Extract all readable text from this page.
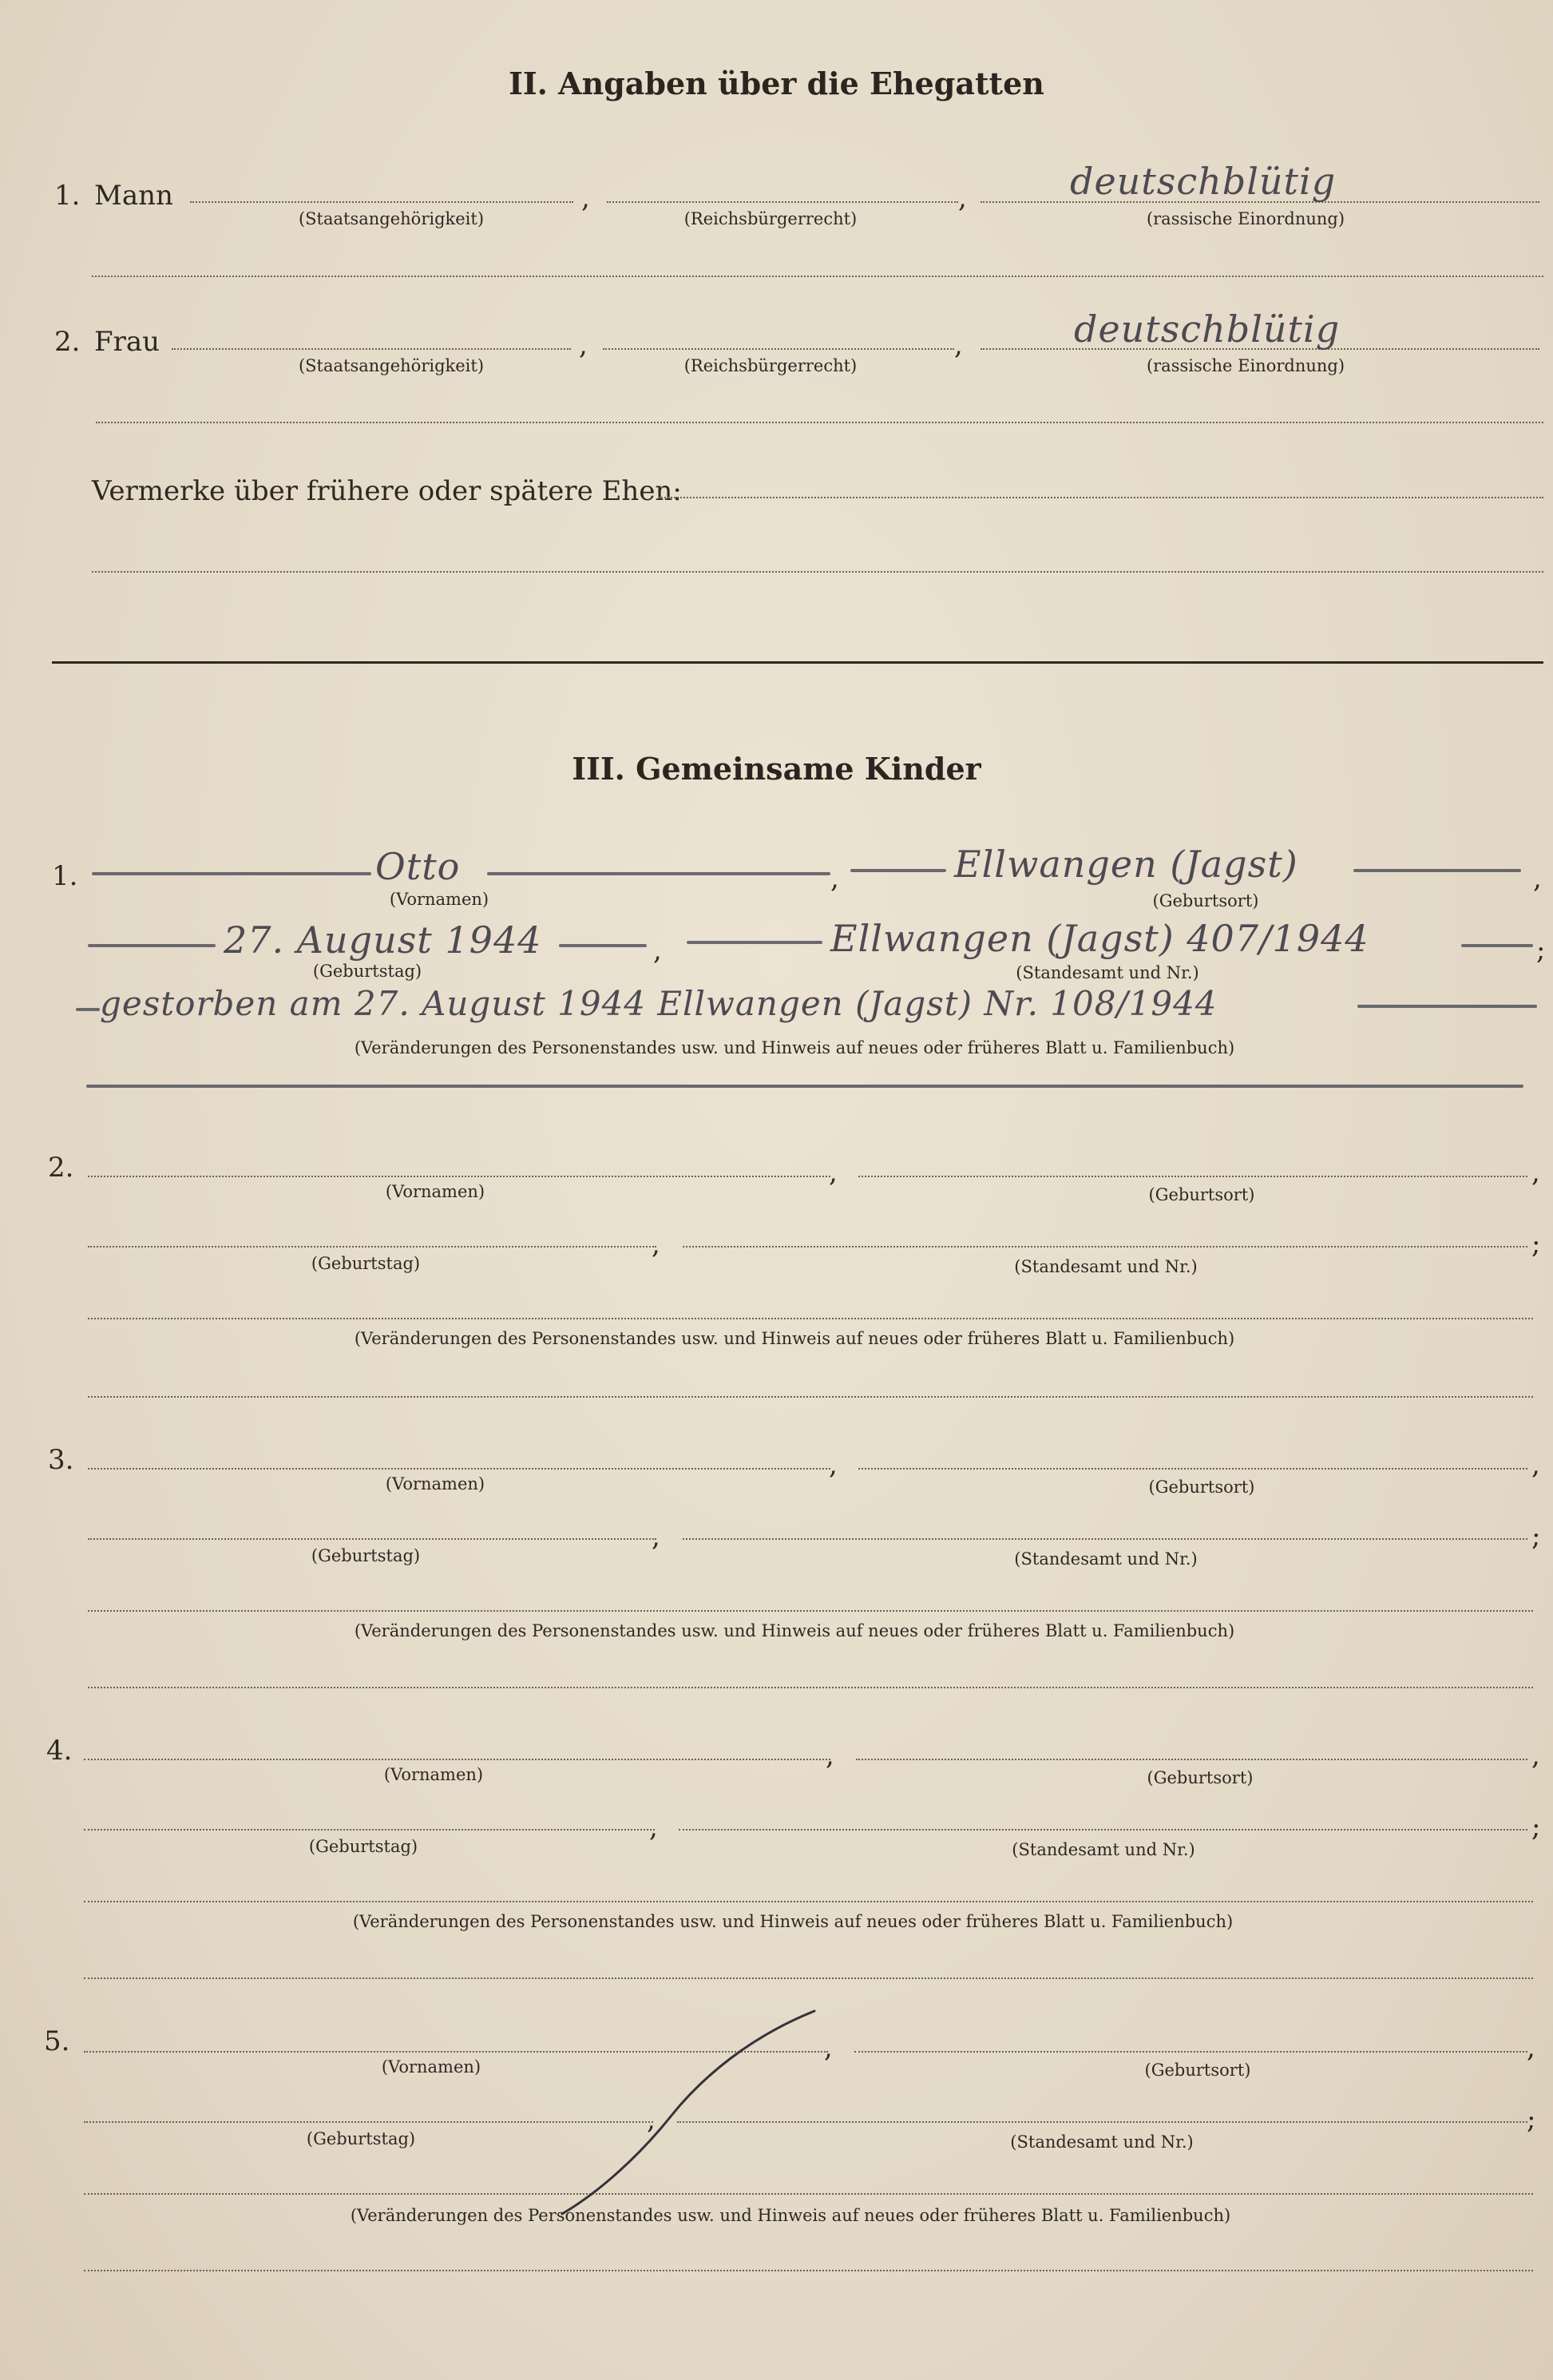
II. Angaben über die Ehegatten
1. Mann	,	,	deutschblütig
(Staatsangehörigkeit)	(Reichsbürgerrecht)	(rassische Einordnung)
2. Frau	,	,	deutschblütig
(Staatsangehörigkeit)	(Reichsbürgerrecht)	(rassische Einordnung)
Vermerke über frühere oder spätere Ehen:
III. Gemeinsame Kinder
1.	Otto	,	Ellwangen (Jagst)	,
(Vornamen)	(Geburtsort)
27. August 1944	,	Ellwangen (Jagst) 407/1944	;
(Geburtstag)	(Standesamt und Nr.)
gestorben am 27. August 1944 Ellwangen (Jagst) Nr. 108/1944
(Veränderungen des Personenstandes usw. und Hinweis auf neues oder früheres Blatt u. Familienbuch)
2.	,	,
(Vornamen)	(Geburtsort)
,	;
(Geburtstag)	(Standesamt und Nr.)
(Veränderungen des Personenstandes usw. und Hinweis auf neues oder früheres Blatt u. Familienbuch)
3.	,	,
(Vornamen)	(Geburtsort)
,	;
(Geburtstag)	(Standesamt und Nr.)
(Veränderungen des Personenstandes usw. und Hinweis auf neues oder früheres Blatt u. Familienbuch)
4.	,	,
(Vornamen)	(Geburtsort)
,	;
(Geburtstag)	(Standesamt und Nr.)
(Veränderungen des Personenstandes usw. und Hinweis auf neues oder früheres Blatt u. Familienbuch)
5.	,	,
(Vornamen)	(Geburtsort)
,	;
(Geburtstag)	(Standesamt und Nr.)
(Veränderungen des Personenstandes usw. und Hinweis auf neues oder früheres Blatt u. Familienbuch)
